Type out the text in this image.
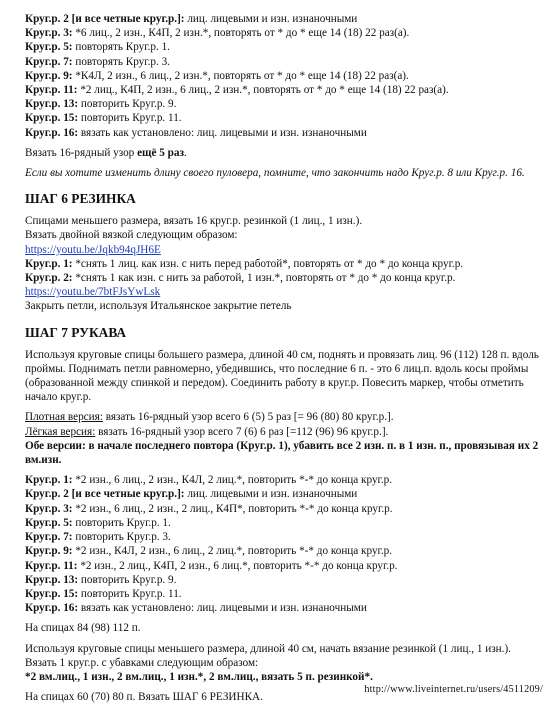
Круг.р. 2 [и все четные круг.р.]: лиц. лицевыми и изн. изнаночными
Круг.р. 3: *6 лиц., 2 изн., К4П, 2 изн.*, повторять от * до * еще 14 (18) 22 раз(а).
Круг.р. 5: повторять Круг.р. 1.
Круг.р. 7: повторять Круг.р. 3.
Круг.р. 9: *К4Л, 2 изн., 6 лиц., 2 изн.*, повторять от * до * еще 14 (18) 22 раз(а).
Круг.р. 11: *2 лиц., К4П, 2 изн., 6 лиц., 2 изн.*, повторять от * до * еще 14 (18) 22 раз(а).
Круг.р. 13: повторить Круг.р. 9.
Круг.р. 15: повторить Круг.р. 11.
Круг.р. 16: вязать как установлено: лиц. лицевыми и изн. изнаночными
Вязать 16-рядный узор ещё 5 раз.
Если вы хотите изменить длину своего пуловера, помните, что закончить надо Круг.р. 8 или Круг.р. 16.
ШАГ 6 РЕЗИНКА
Спицами меньшего размера, вязать 16 круг.р. резинкой (1 лиц., 1 изн.).
Вязать двойной вязкой следующим образом:
https://youtu.be/Jqkb94qJH6E
Круг.р. 1: *снять 1 лиц. как изн. с нить перед работой*, повторять от * до * до конца круг.р.
Круг.р. 2: *снять 1 как изн. с нить за работой, 1 изн.*, повторять от * до * до конца круг.р.
https://youtu.be/7btFJsYwLsk
Закрыть петли, используя Итальянское закрытие петель
ШАГ 7 РУКАВА
Используя круговые спицы большего размера, длиной 40 см, поднять и провязать лиц. 96 (112) 128 п. вдоль проймы. Поднимать петли равномерно, убедившись, что последние 6 п. - это 6 лиц.п. вдоль косы проймы (образованной между спинкой и передом). Соединить работу в круг.р. Повесить маркер, чтобы отметить начало круг.р.
Плотная версия: вязать 16-рядный узор всего 6 (5) 5 раз [= 96 (80) 80 круг.р.].
Лёгкая версия: вязать 16-рядный узор всего 7 (6) 6 раз [=112 (96) 96 круг.р.].
Обе версии: в начале последнего повтора (Круг.р. 1), убавить все 2 изн. п. в 1 изн. п., провязывая их 2 вм.изн.
Круг.р. 1: *2 изн., 6 лиц., 2 изн., К4Л, 2 лиц.*, повторить *-* до конца круг.р.
Круг.р. 2 [и все четные круг.р.]: лиц. лицевыми и изн. изнаночными
Круг.р. 3: *2 изн., 6 лиц., 2 изн., 2 лиц., К4П*, повторить *-* до конца круг.р.
Круг.р. 5: повторить Круг.р. 1.
Круг.р. 7: повторить Круг.р. 3.
Круг.р. 9: *2 изн., К4Л, 2 изн., 6 лиц., 2 лиц.*, повторить *-* до конца круг.р.
Круг.р. 11: *2 изн., 2 лиц., К4П, 2 изн., 6 лиц.*, повторить *-* до конца круг.р.
Круг.р. 13: повторить Круг.р. 9.
Круг.р. 15: повторить Круг.р. 11.
Круг.р. 16: вязать как установлено: лиц. лицевыми и изн. изнаночными
На спицах 84 (98) 112 п.
Используя круговые спицы меньшего размера, длиной 40 см, начать вязание резинкой (1 лиц., 1 изн.).
Вязать 1 круг.р. с убавками следующим образом:
*2 вм.лиц., 1 изн., 2 вм.лиц., 1 изн.*, 2 вм.лиц., вязать 5 п. резинкой*.
На спицах 60 (70) 80 п. Вязать ШАГ 6 РЕЗИНКА.
http://www.liveinternet.ru/users/4511209/
